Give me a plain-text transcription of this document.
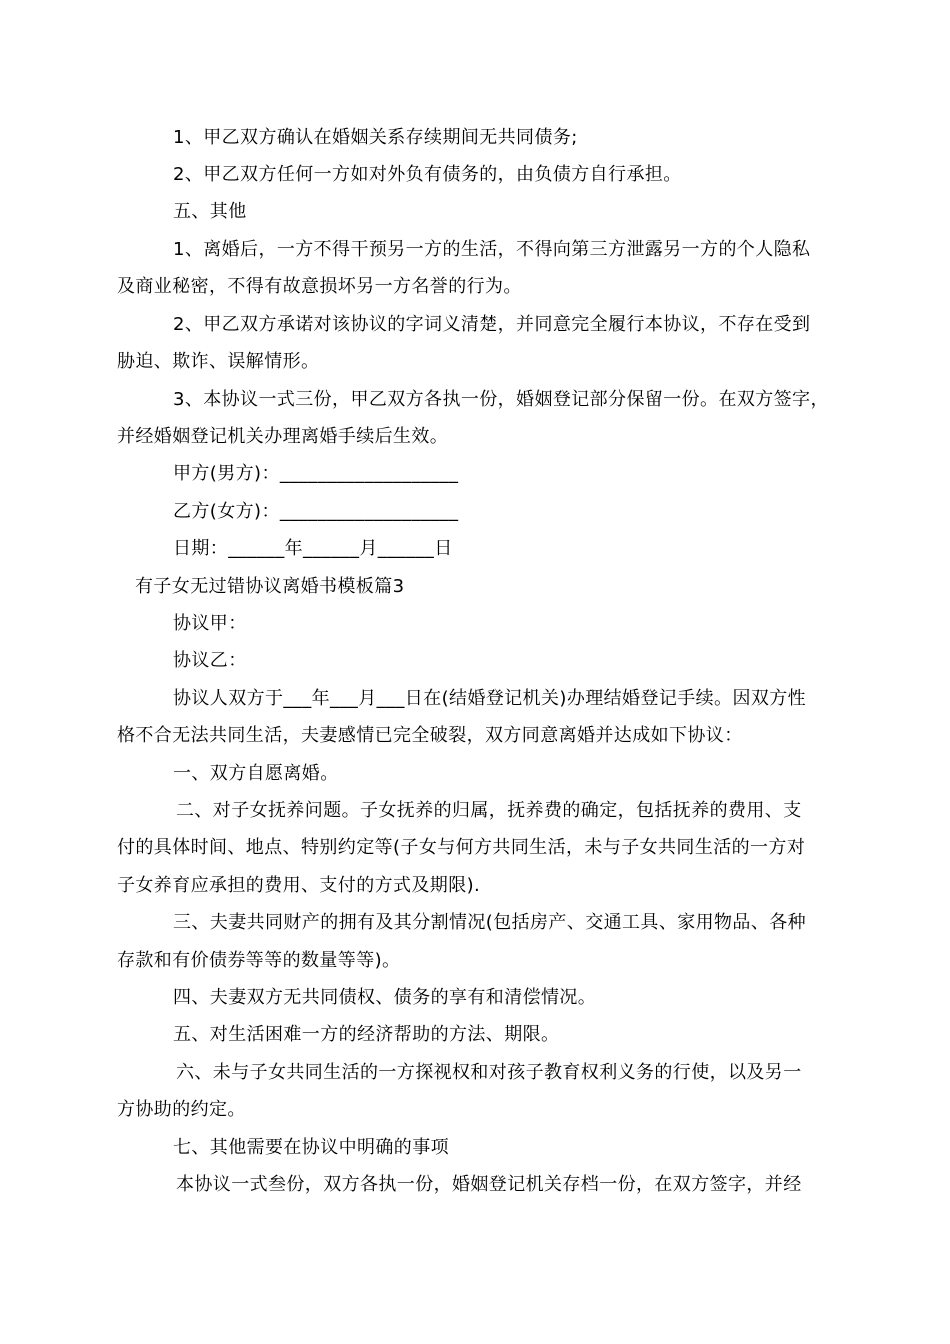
1、甲乙双方确认在婚姻关系存续期间无共同债务;
2、甲乙双方任何一方如对外负有债务的，由负债方自行承担。
五、其他
1、离婚后，一方不得干预另一方的生活，不得向第三方泄露另一方的个人隐私
及商业秘密，不得有故意损坏另一方名誉的行为。
2、甲乙双方承诺对该协议的字词义清楚，并同意完全履行本协议，不存在受到
胁迫、欺诈、误解情形。
3、本协议一式三份，甲乙双方各执一份，婚姻登记部分保留一份。在双方签字，
并经婚姻登记机关办理离婚手续后生效。
甲方(男方)：___________________
乙方(女方)：___________________
日期：______年______月______日
有子女无过错协议离婚书模板篇3
协议甲：
协议乙：
协议人双方于___年___月___日在(结婚登记机关)办理结婚登记手续。因双方性
格不合无法共同生活，夫妻感情已完全破裂，双方同意离婚并达成如下协议：
一、双方自愿离婚。
二、对子女抚养问题。子女抚养的归属，抚养费的确定，包括抚养的费用、支
付的具体时间、地点、特别约定等(子女与何方共同生活，未与子女共同生活的一方对
子女养育应承担的费用、支付的方式及期限).
三、夫妻共同财产的拥有及其分割情况(包括房产、交通工具、家用物品、各种
存款和有价债券等等的数量等等)。
四、夫妻双方无共同债权、债务的享有和清偿情况。
五、对生活困难一方的经济帮助的方法、期限。
六、未与子女共同生活的一方探视权和对孩子教育权利义务的行使，以及另一
方协助的约定。
七、其他需要在协议中明确的事项
本协议一式叁份，双方各执一份，婚姻登记机关存档一份，在双方签字，并经
